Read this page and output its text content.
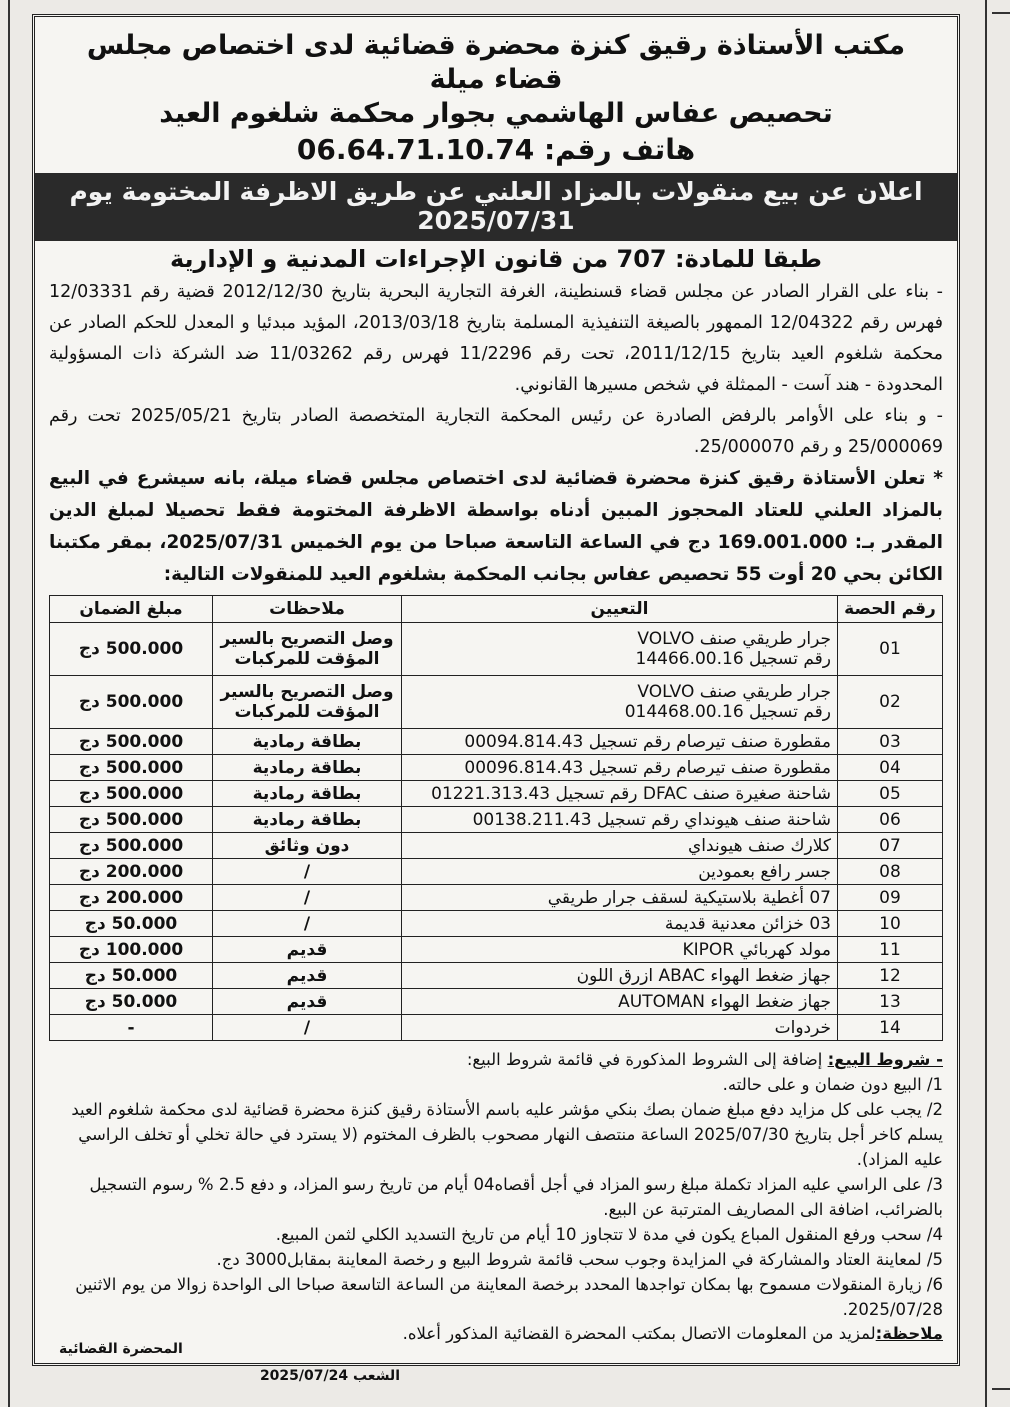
مكتب الأستاذة رقيق كنزة محضرة قضائية لدى اختصاص مجلس قضاء ميلة
تحصيص عفاس الهاشمي بجوار محكمة شلغوم العيد
هاتف رقم: 06.64.71.10.74
اعلان عن بيع منقولات بالمزاد العلني عن طريق الاظرفة المختومة يوم 2025/07/31
طبقا للمادة: 707 من قانون الإجراءات المدنية و الإدارية

- بناء على القرار الصادر عن مجلس قضاء قسنطينة، الغرفة التجارية البحرية بتاريخ 2012/12/30 قضية رقم 12/03331 فهرس رقم 12/04322 الممهور بالصيغة التنفيذية المسلمة بتاريخ 2013/03/18، المؤيد مبدئيا و المعدل للحكم الصادر عن محكمة شلغوم العيد بتاريخ 2011/12/15، تحت رقم 11/2296 فهرس رقم 11/03262 ضد الشركة ذات المسؤولية المحدودة - هند آست - الممثلة في شخص مسيرها القانوني.

- و بناء على الأوامر بالرفض الصادرة عن رئيس المحكمة التجارية المتخصصة الصادر بتاريخ 2025/05/21 تحت رقم 25/000069 و رقم 25/000070.

* تعلن الأستاذة رقيق كنزة محضرة قضائية لدى اختصاص مجلس قضاء ميلة، بانه سيشرع في البيع بالمزاد العلني للعتاد المحجوز المبين أدناه بواسطة الاظرفة المختومة فقط تحصيلا لمبلغ الدين المقدر بـ: 169.001.000 دج في الساعة التاسعة صباحا من يوم الخميس 2025/07/31، بمقر مكتبنا الكائن بحي 20 أوت 55 تحصيص عفاس بجانب المحكمة بشلغوم العيد للمنقولات التالية:

رقم الحصة	التعيين	ملاحظات	مبلغ الضمان
01	جرار طريقي صنف VOLVO
رقم تسجيل 14466.00.16	وصل التصريح بالسير المؤقت للمركبات	500.000 دج
02	جرار طريقي صنف VOLVO
رقم تسجيل 014468.00.16	وصل التصريح بالسير المؤقت للمركبات	500.000 دج
03	مقطورة صنف تيرصام رقم تسجيل 00094.814.43	بطاقة رمادية	500.000 دج
04	مقطورة صنف تيرصام رقم تسجيل 00096.814.43	بطاقة رمادية	500.000 دج
05	شاحنة صغيرة صنف DFAC رقم تسجيل 01221.313.43	بطاقة رمادية	500.000 دج
06	شاحنة صنف هيونداي رقم تسجيل 00138.211.43	بطاقة رمادية	500.000 دج
07	كلارك صنف هيونداي	دون وثائق	500.000 دج
08	جسر رافع بعمودين	/	200.000 دج
09	07 أغطية بلاستيكية لسقف جرار طريقي	/	200.000 دج
10	03 خزائن معدنية قديمة	/	50.000 دج
11	مولد كهربائي KIPOR	قديم	100.000 دج
12	جهاز ضغط الهواء ABAC ازرق اللون	قديم	50.000 دج
13	جهاز ضغط الهواء AUTOMAN	قديم	50.000 دج
14	خردوات	/	-

- شروط البيع: إضافة إلى الشروط المذكورة في قائمة شروط البيع:

1/ البيع دون ضمان و على حالته.

2/ يجب على كل مزايد دفع مبلغ ضمان بصك بنكي مؤشر عليه باسم الأستاذة رقيق كنزة محضرة قضائية لدى محكمة شلغوم العيد يسلم كاخر أجل بتاريخ 2025/07/30 الساعة منتصف النهار مصحوب بالظرف المختوم (لا يسترد في حالة تخلي أو تخلف الراسي عليه المزاد).

3/ على الراسي عليه المزاد تكملة مبلغ رسو المزاد في أجل أقصاه04 أيام من تاريخ رسو المزاد، و دفع 2.5 % رسوم التسجيل بالضرائب، اضافة الى المصاريف المترتبة عن البيع.

4/ سحب ورفع المنقول المباع يكون في مدة لا تتجاوز 10 أيام من تاريخ التسديد الكلي لثمن المبيع.

5/ لمعاينة العتاد والمشاركة في المزايدة وجوب سحب قائمة شروط البيع و رخصة المعاينة بمقابل3000 دج.

6/ زيارة المنقولات مسموح بها بمكان تواجدها المحدد برخصة المعاينة من الساعة التاسعة صباحا الى الواحدة زوالا من يوم الاثنين 2025/07/28.

ملاحظة:لمزيد من المعلومات الاتصال بمكتب المحضرة القضائية المذكور أعلاه.
المحضرة القضائية
الشعب 2025/07/24
